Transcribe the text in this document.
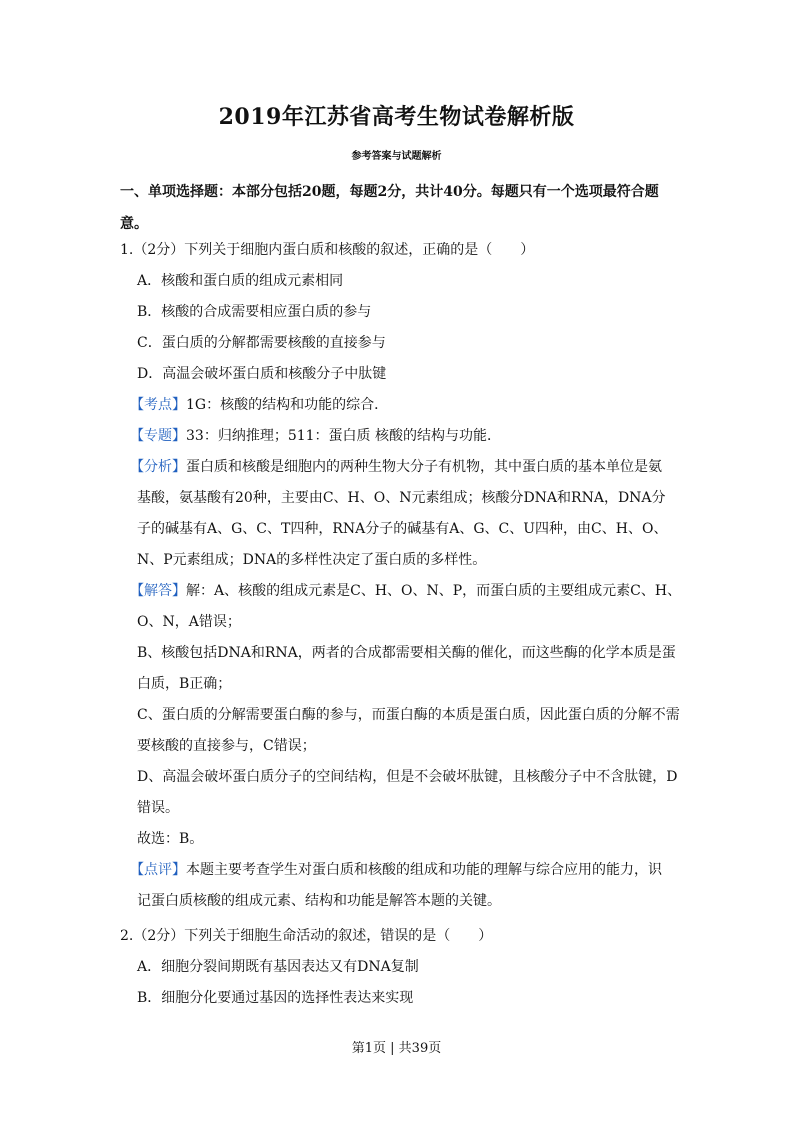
2019年江苏省高考生物试卷解析版
参考答案与试题解析
一、单项选择题：本部分包括20题，每题2分，共计40分。每题只有一个选项最符合题意。
1.（2分）下列关于细胞内蛋白质和核酸的叙述，正确的是（　　）
A．核酸和蛋白质的组成元素相同
B．核酸的合成需要相应蛋白质的参与
C．蛋白质的分解都需要核酸的直接参与
D．高温会破坏蛋白质和核酸分子中肽键
【考点】1G：核酸的结构和功能的综合．
【专题】33：归纳推理；511：蛋白质 核酸的结构与功能．
【分析】蛋白质和核酸是细胞内的两种生物大分子有机物，其中蛋白质的基本单位是氨
基酸，氨基酸有20种，主要由C、H、O、N元素组成；核酸分DNA和RNA，DNA分
子的碱基有A、G、C、T四种，RNA分子的碱基有A、G、C、U四种，由C、H、O、
N、P元素组成；DNA的多样性决定了蛋白质的多样性。
【解答】解：A、核酸的组成元素是C、H、O、N、P，而蛋白质的主要组成元素C、H、
O、N，A错误；
B、核酸包括DNA和RNA，两者的合成都需要相关酶的催化，而这些酶的化学本质是蛋
白质，B正确；
C、蛋白质的分解需要蛋白酶的参与，而蛋白酶的本质是蛋白质，因此蛋白质的分解不需
要核酸的直接参与，C错误；
D、高温会破坏蛋白质分子的空间结构，但是不会破坏肽键，且核酸分子中不含肽键，D
错误。
故选：B。
【点评】本题主要考查学生对蛋白质和核酸的组成和功能的理解与综合应用的能力，识
记蛋白质核酸的组成元素、结构和功能是解答本题的关键。
2.（2分）下列关于细胞生命活动的叙述，错误的是（　　）
A．细胞分裂间期既有基因表达又有DNA复制
B．细胞分化要通过基因的选择性表达来实现
第1页 | 共39页
